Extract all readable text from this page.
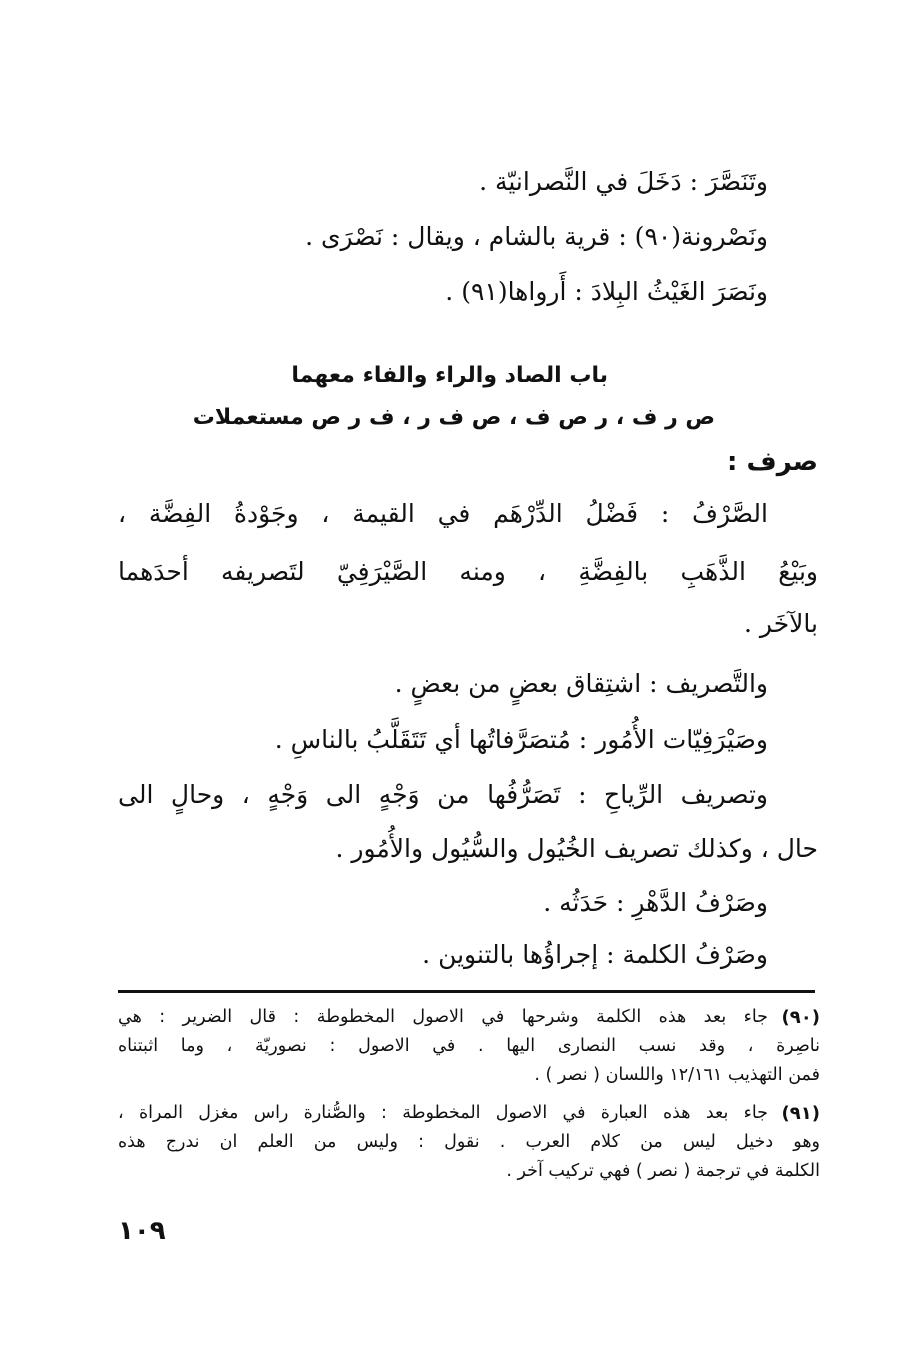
وتَنَصَّرَ : دَخَلَ في النَّصرانيّة .
ونَصْرونة(٩٠) : قرية بالشام ، ويقال : نَصْرَى .
ونَصَرَ الغَيْثُ البِلادَ : أَرواها(٩١) .
باب الصاد والراء والفاء معهما
ص ر ف ، ر ص ف ، ص ف ر ، ف ر ص مستعملات
صرف :
الصَّرْفُ : فَضْلُ الدِّرْهَم في القيمة ، وجَوْدةُ الفِضَّة ،
وبَيْعُ الذَّهَبِ بالفِضَّةِ ، ومنه الصَّيْرَفِيّ لتَصريفه أحدَهما
بالآخَر .
والتَّصريف : اشتِقاق بعضٍ من بعضٍ .
وصَيْرَفِيّات الأُمُور : مُتصَرَّفاتُها أي تَتَقَلَّبُ بالناسِ .
وتصريف الرِّياحِ : تَصَرُّفُها من وَجْهٍ الى وَجْهٍ ، وحالٍ الى
حال ، وكذلك تصريف الخُيُول والسُّيُول والأُمُور .
وصَرْفُ الدَّهْرِ : حَدَثُه .
وصَرْفُ الكلمة : إجراؤُها بالتنوين .
(٩٠)
جاء بعد هذه الكلمة وشرحها في الاصول المخطوطة : قال الضرير : هي
ناصِرة ، وقد نسب النصارى اليها . في الاصول : نصوريّة ، وما اثبتناه
فمن التهذيب ١٢/١٦١ واللسان ( نصر ) .
(٩١)
جاء بعد هذه العبارة في الاصول المخطوطة : والصُّنارة راس مغزل المراة ،
وهو دخيل ليس من كلام العرب . نقول : وليس من العلم ان ندرج هذه
الكلمة في ترجمة ( نصر ) فهي تركيب آخر .
١٠٩
